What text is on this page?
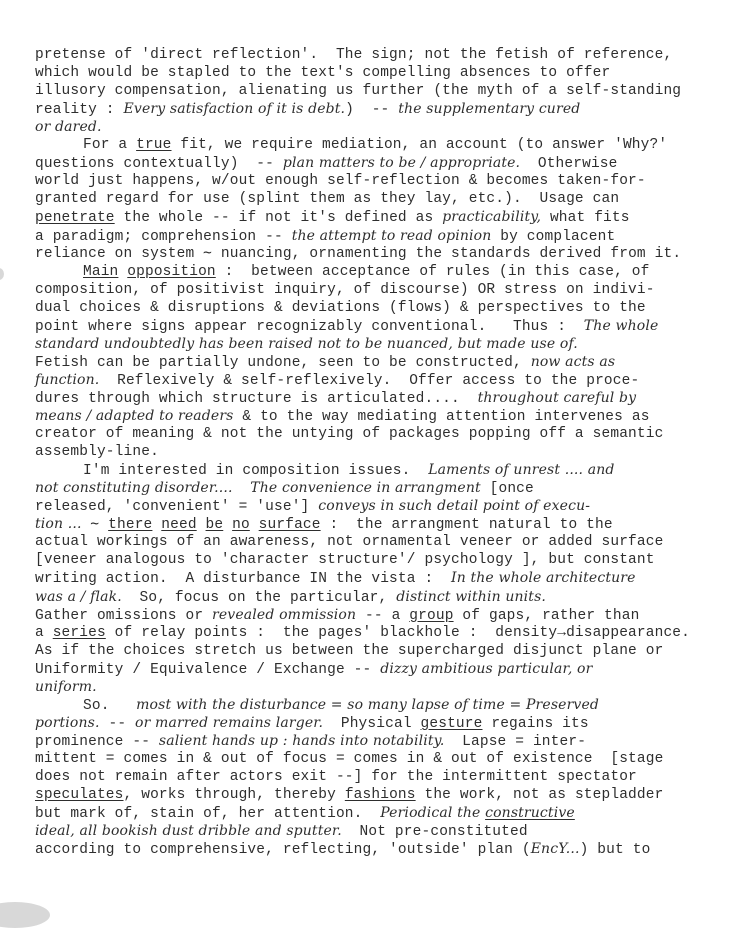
pretense of 'direct reflection'.  The sign; not the fetish of reference,
which would be stapled to the text's compelling absences to offer
illusory compensation, alienating us further (the myth of a self-standing
reality : Every satisfaction of it is debt.)  -- the supplementary cured
or dared.
For a true fit, we require mediation, an account (to answer 'Why?'
questions contextually)  -- plan matters to be / appropriate.  Otherwise
world just happens, w/out enough self-reflection & becomes taken-for-
granted regard for use (splint them as they lay, etc.).  Usage can
penetrate the whole -- if not it's defined as practicability, what fits
a paradigm; comprehension -- the attempt to read opinion by complacent
reliance on system ∼ nuancing, ornamenting the standards derived from it.
Main opposition :  between acceptance of rules (in this case, of
composition, of positivist inquiry, of discourse) OR stress on indivi-
dual choices & disruptions & deviations (flows) & perspectives to the
point where signs appear recognizably conventional.   Thus :  The whole
standard undoubtedly has been raised not to be nuanced, but made use of.
Fetish can be partially undone, seen to be constructed, now acts as
function.  Reflexively & self-reflexively.  Offer access to the proce-
dures through which structure is articulated....  throughout careful by
means / adapted to readers & to the way mediating attention intervenes as
creator of meaning & not the untying of packages popping off a semantic
assembly-line.
I'm interested in composition issues.  Laments of unrest .... and
not constituting disorder.... The convenience in arrangment [once
released, 'convenient' = 'use'] conveys in such detail point of execu-
tion ... ∼ there need be no surface :  the arrangment natural to the
actual workings of an awareness, not ornamental veneer or added surface
[veneer analogous to 'character structure'/ psychology ], but constant
writing action.  A disturbance IN the vista :  In the whole architecture
was a / flak.  So, focus on the particular, distinct within units.
Gather omissions or revealed ommission -- a group of gaps, rather than
a series of relay points :  the pages' blackhole :  density→disappearance.
As if the choices stretch us between the supercharged disjunct plane or
Uniformity / Equivalence / Exchange -- dizzy ambitious particular, or
uniform.
So.   most with the disturbance = so many lapse of time = Preserved
portions. -- or marred remains larger.  Physical gesture regains its
prominence -- salient hands up : hands into notability.  Lapse = inter-
mittent = comes in & out of focus = comes in & out of existence  [stage
does not remain after actors exit --] for the intermittent spectator
speculates, works through, thereby fashions the work, not as stepladder
but mark of, stain of, her attention.  Periodical the constructive
ideal, all bookish dust dribble and sputter.  Not pre-constituted
according to comprehensive, reflecting, 'outside' plan (EncY...) but to
